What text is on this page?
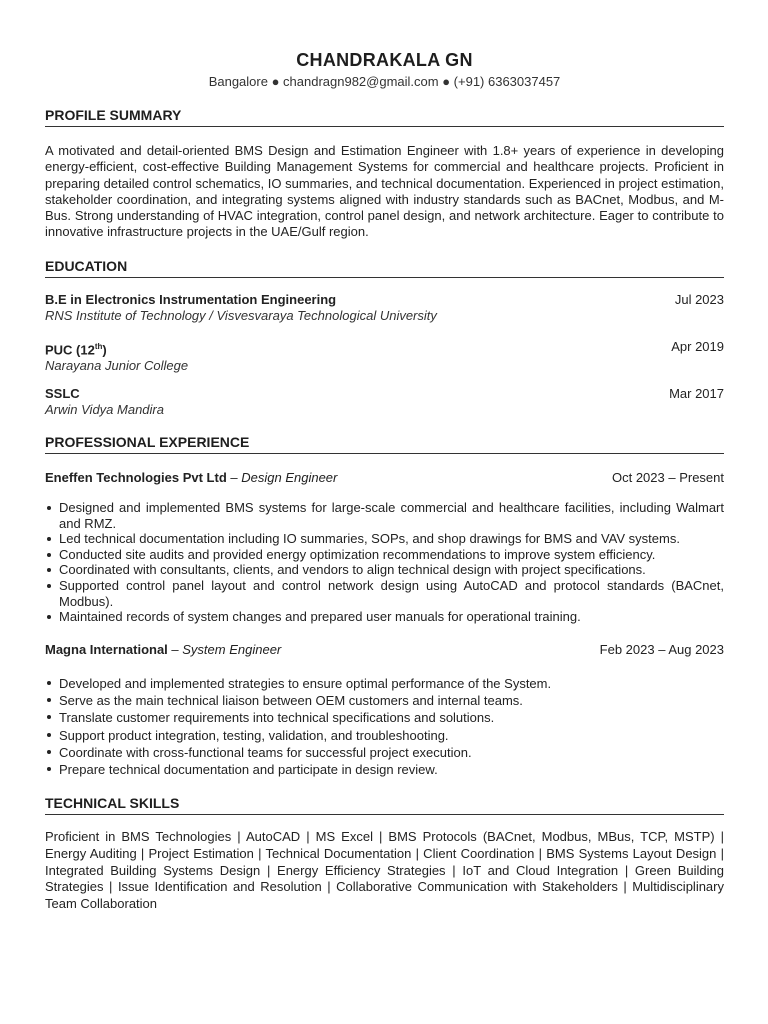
CHANDRAKALA GN
Bangalore ● chandragn982@gmail.com ● (+91) 6363037457
PROFILE SUMMARY
A motivated and detail-oriented BMS Design and Estimation Engineer with 1.8+ years of experience in developing energy-efficient, cost-effective Building Management Systems for commercial and healthcare projects. Proficient in preparing detailed control schematics, IO summaries, and technical documentation. Experienced in project estimation, stakeholder coordination, and integrating systems aligned with industry standards such as BACnet, Modbus, and M-Bus. Strong understanding of HVAC integration, control panel design, and network architecture. Eager to contribute to innovative infrastructure projects in the UAE/Gulf region.
EDUCATION
B.E in Electronics Instrumentation Engineering
RNS Institute of Technology / Visvesvaraya Technological University
Jul 2023
PUC (12th)
Narayana Junior College
Apr 2019
SSLC
Arwin Vidya Mandira
Mar 2017
PROFESSIONAL EXPERIENCE
Eneffen Technologies Pvt Ltd – Design Engineer	Oct 2023 – Present
Designed and implemented BMS systems for large-scale commercial and healthcare facilities, including Walmart and RMZ.
Led technical documentation including IO summaries, SOPs, and shop drawings for BMS and VAV systems.
Conducted site audits and provided energy optimization recommendations to improve system efficiency.
Coordinated with consultants, clients, and vendors to align technical design with project specifications.
Supported control panel layout and control network design using AutoCAD and protocol standards (BACnet, Modbus).
Maintained records of system changes and prepared user manuals for operational training.
Magna International – System Engineer	Feb 2023 – Aug 2023
Developed and implemented strategies to ensure optimal performance of the System.
Serve as the main technical liaison between OEM customers and internal teams.
Translate customer requirements into technical specifications and solutions.
Support product integration, testing, validation, and troubleshooting.
Coordinate with cross-functional teams for successful project execution.
Prepare technical documentation and participate in design review.
TECHNICAL SKILLS
Proficient in BMS Technologies | AutoCAD | MS Excel | BMS Protocols (BACnet, Modbus, MBus, TCP, MSTP) | Energy Auditing | Project Estimation | Technical Documentation | Client Coordination | BMS Systems Layout Design | Integrated Building Systems Design | Energy Efficiency Strategies | IoT and Cloud Integration | Green Building Strategies | Issue Identification and Resolution | Collaborative Communication with Stakeholders | Multidisciplinary Team Collaboration
